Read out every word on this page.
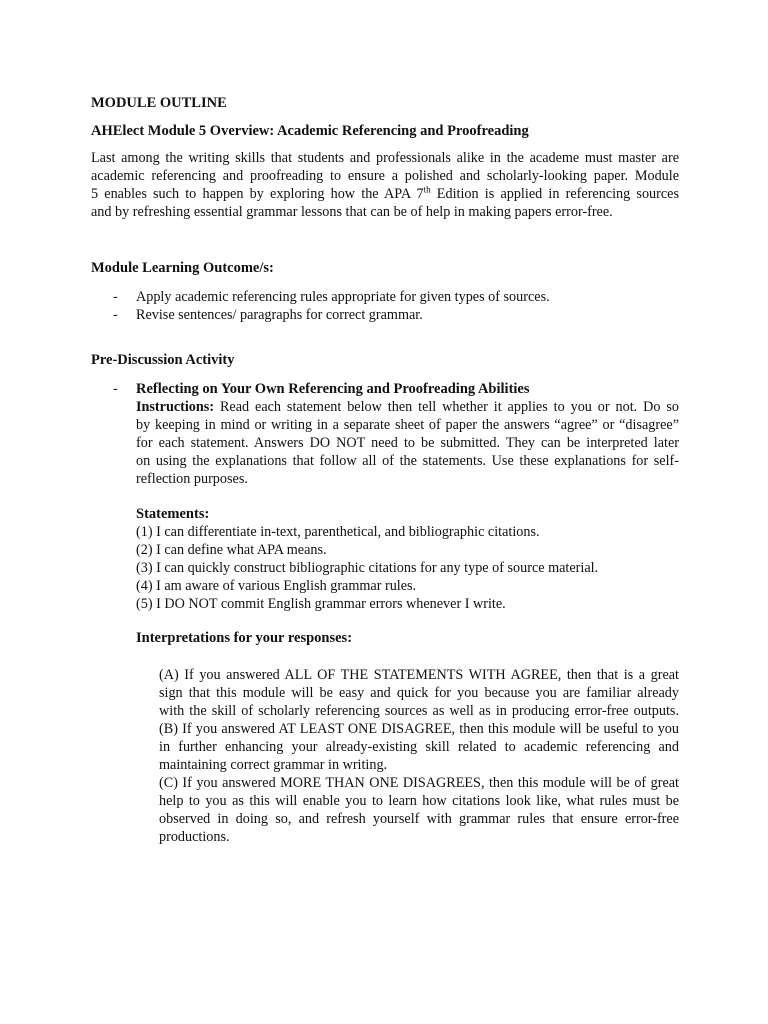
MODULE OUTLINE
AHElect Module 5 Overview: Academic Referencing and Proofreading
Last among the writing skills that students and professionals alike in the academe must master are
academic referencing and proofreading to ensure a polished and scholarly-looking paper. Module
5 enables such to happen by exploring how the APA 7th Edition is applied in referencing sources
and by refreshing essential grammar lessons that can be of help in making papers error-free.
Module Learning Outcome/s:
- Apply academic referencing rules appropriate for given types of sources.
- Revise sentences/ paragraphs for correct grammar.
Pre-Discussion Activity
- Reflecting on Your Own Referencing and Proofreading Abilities
Instructions: Read each statement below then tell whether it applies to you or not. Do so
by keeping in mind or writing in a separate sheet of paper the answers “agree” or “disagree”
for each statement. Answers DO NOT need to be submitted. They can be interpreted later
on using the explanations that follow all of the statements. Use these explanations for self-
reflection purposes.
Statements:
(1) I can differentiate in-text, parenthetical, and bibliographic citations.
(2) I can define what APA means.
(3) I can quickly construct bibliographic citations for any type of source material.
(4) I am aware of various English grammar rules.
(5) I DO NOT commit English grammar errors whenever I write.
Interpretations for your responses:
(A) If you answered ALL OF THE STATEMENTS WITH AGREE, then that is a great
sign that this module will be easy and quick for you because you are familiar already
with the skill of scholarly referencing sources as well as in producing error-free outputs.
(B) If you answered AT LEAST ONE DISAGREE, then this module will be useful to you
in further enhancing your already-existing skill related to academic referencing and
maintaining correct grammar in writing.
(C) If you answered MORE THAN ONE DISAGREES, then this module will be of great
help to you as this will enable you to learn how citations look like, what rules must be
observed in doing so, and refresh yourself with grammar rules that ensure error-free
productions.
